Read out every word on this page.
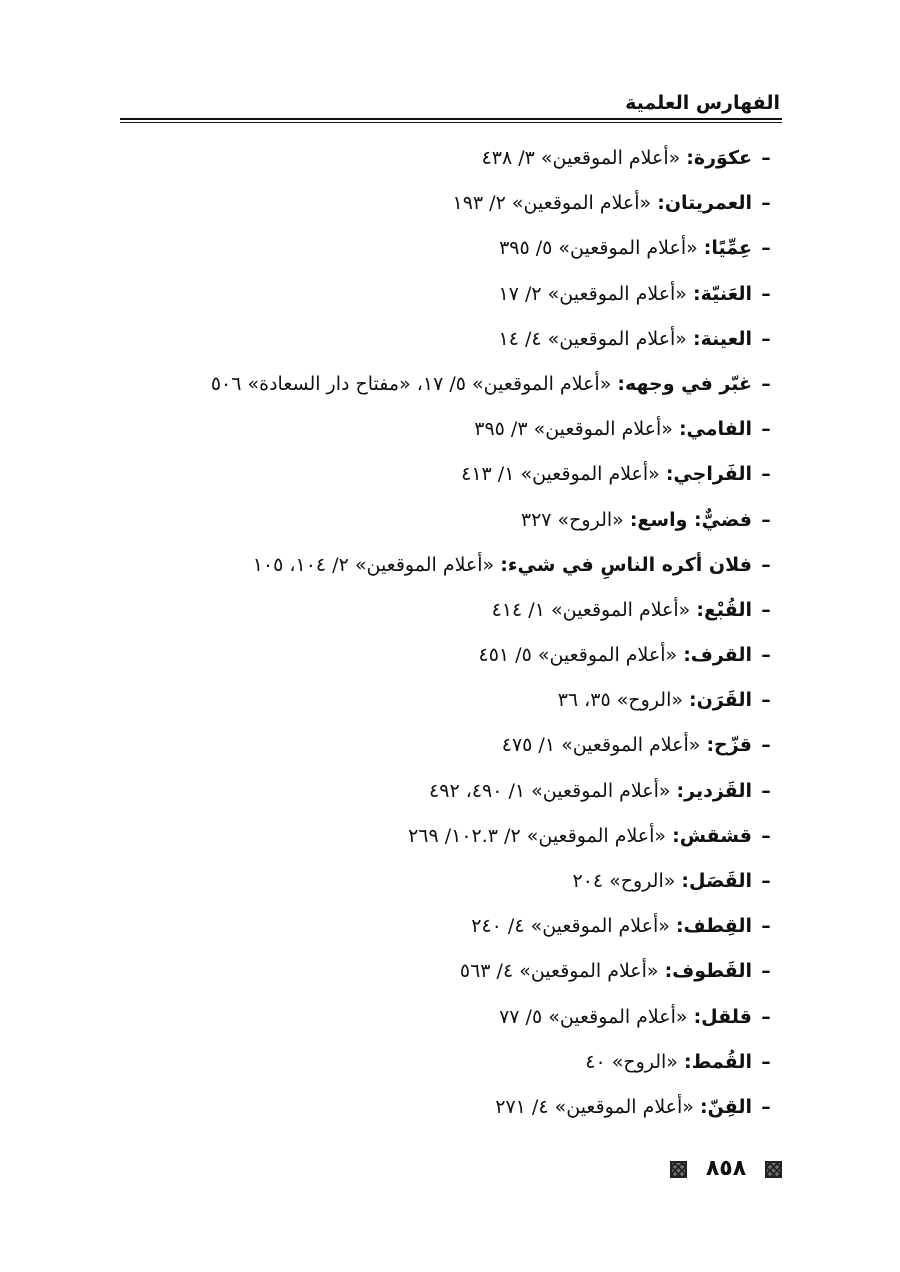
الفهارس العلمية
–عكوَرة: «أعلام الموقعين» ٣/ ٤٣٨
–العمريتان: «أعلام الموقعين» ٢/ ١٩٣
–عِمِّيًا: «أعلام الموقعين» ٥/ ٣٩٥
–العَنيّة: «أعلام الموقعين» ٢/ ١٧
–العينة: «أعلام الموقعين» ٤/ ١٤
–غبّر في وجهه: «أعلام الموقعين» ٥/ ١٧، «مفتاح دار السعادة» ٥٠٦
–الفامي: «أعلام الموقعين» ٣/ ٣٩٥
–الفَراجي: «أعلام الموقعين» ١/ ٤١٣
–فضيٌّ: واسع: «الروح» ٣٢٧
–فلان أكره الناسِ في شيء: «أعلام الموقعين» ٢/ ١٠٤، ١٠٥
–القُبْع: «أعلام الموقعين» ١/ ٤١٤
–القرف: «أعلام الموقعين» ٥/ ٤٥١
–القَرَن: «الروح» ٣٥، ٣٦
–قزّح: «أعلام الموقعين» ١/ ٤٧٥
–القَزدير: «أعلام الموقعين» ١/ ٤٩٠، ٤٩٢
–قشقش: «أعلام الموقعين» ٢/ ١٠٢.٣/ ٢٦٩
–القَصَل: «الروح» ٢٠٤
–القِطف: «أعلام الموقعين» ٤/ ٢٤٠
–القَطوف: «أعلام الموقعين» ٤/ ٥٦٣
–قلقل: «أعلام الموقعين» ٥/ ٧٧
–القُمط: «الروح» ٤٠
–القِنّ: «أعلام الموقعين» ٤/ ٢٧١
٨٥٨
